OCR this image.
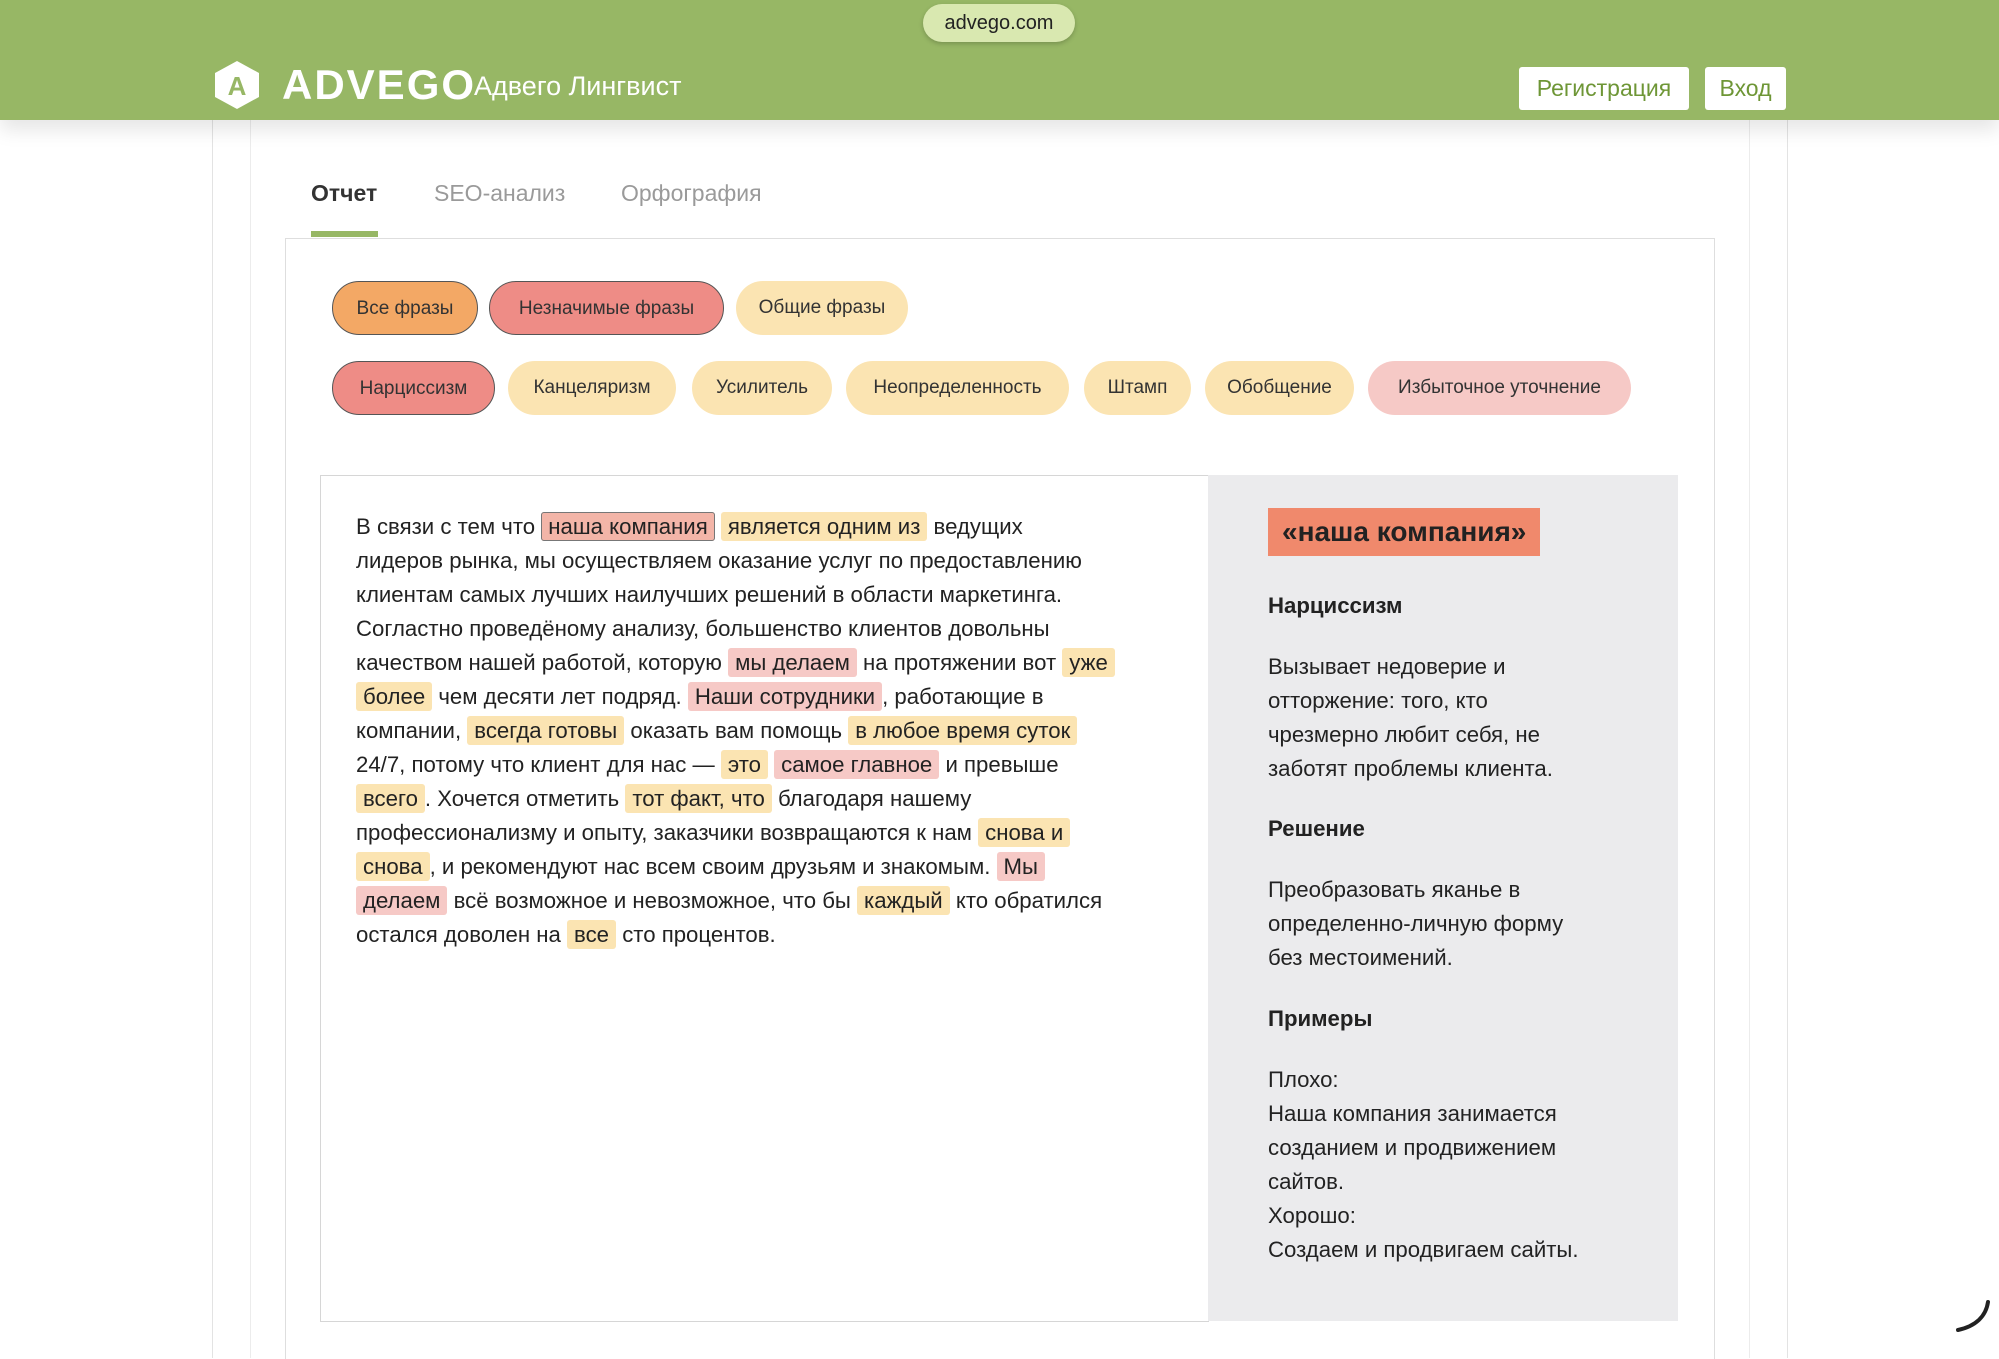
advego.com
A ADVEGO
Адвего Лингвист	Регистрация	Вход
Отчет SEO-анализ Орфография
Все фразы	Незначимые фразы	Общие фразы
Нарциссизм	Канцеляризм	Усилитель	Неопределенность	Штамп	Обобщение	Избыточное уточнение
В связи с тем что наша компания является одним из ведущих
лидеров рынка, мы осуществляем оказание услуг по предоставлению
клиентам самых лучших наилучших решений в области маркетинга.
Согластно проведёному анализу, большенство клиентов довольны
качеством нашей работой, которую мы делаем на протяжении вот уже
более чем десяти лет подряд. Наши сотрудники , работающие в
компании, всегда готовы оказать вам помощь в любое время суток
24/7, потому что клиент для нас — это самое главное и превыше
всего . Хочется отметить тот факт, что благодаря нашему
профессионализму и опыту, заказчики возвращаются к нам снова и
снова , и рекомендуют нас всем своим друзьям и знакомым. Мы
делаем всё возможное и невозможное, что бы каждый кто обратился
остался доволен на все сто процентов.
«наша компания»
Нарциссизм
Вызывает недоверие и
отторжение: того, кто
чрезмерно любит себя, не
заботят проблемы клиента.
Решение
Преобразовать яканье в
определенно-личную форму
без местоимений.
Примеры
Плохо:
Наша компания занимается
созданием и продвижением
сайтов.
Хорошо:
Создаем и продвигаем сайты.
